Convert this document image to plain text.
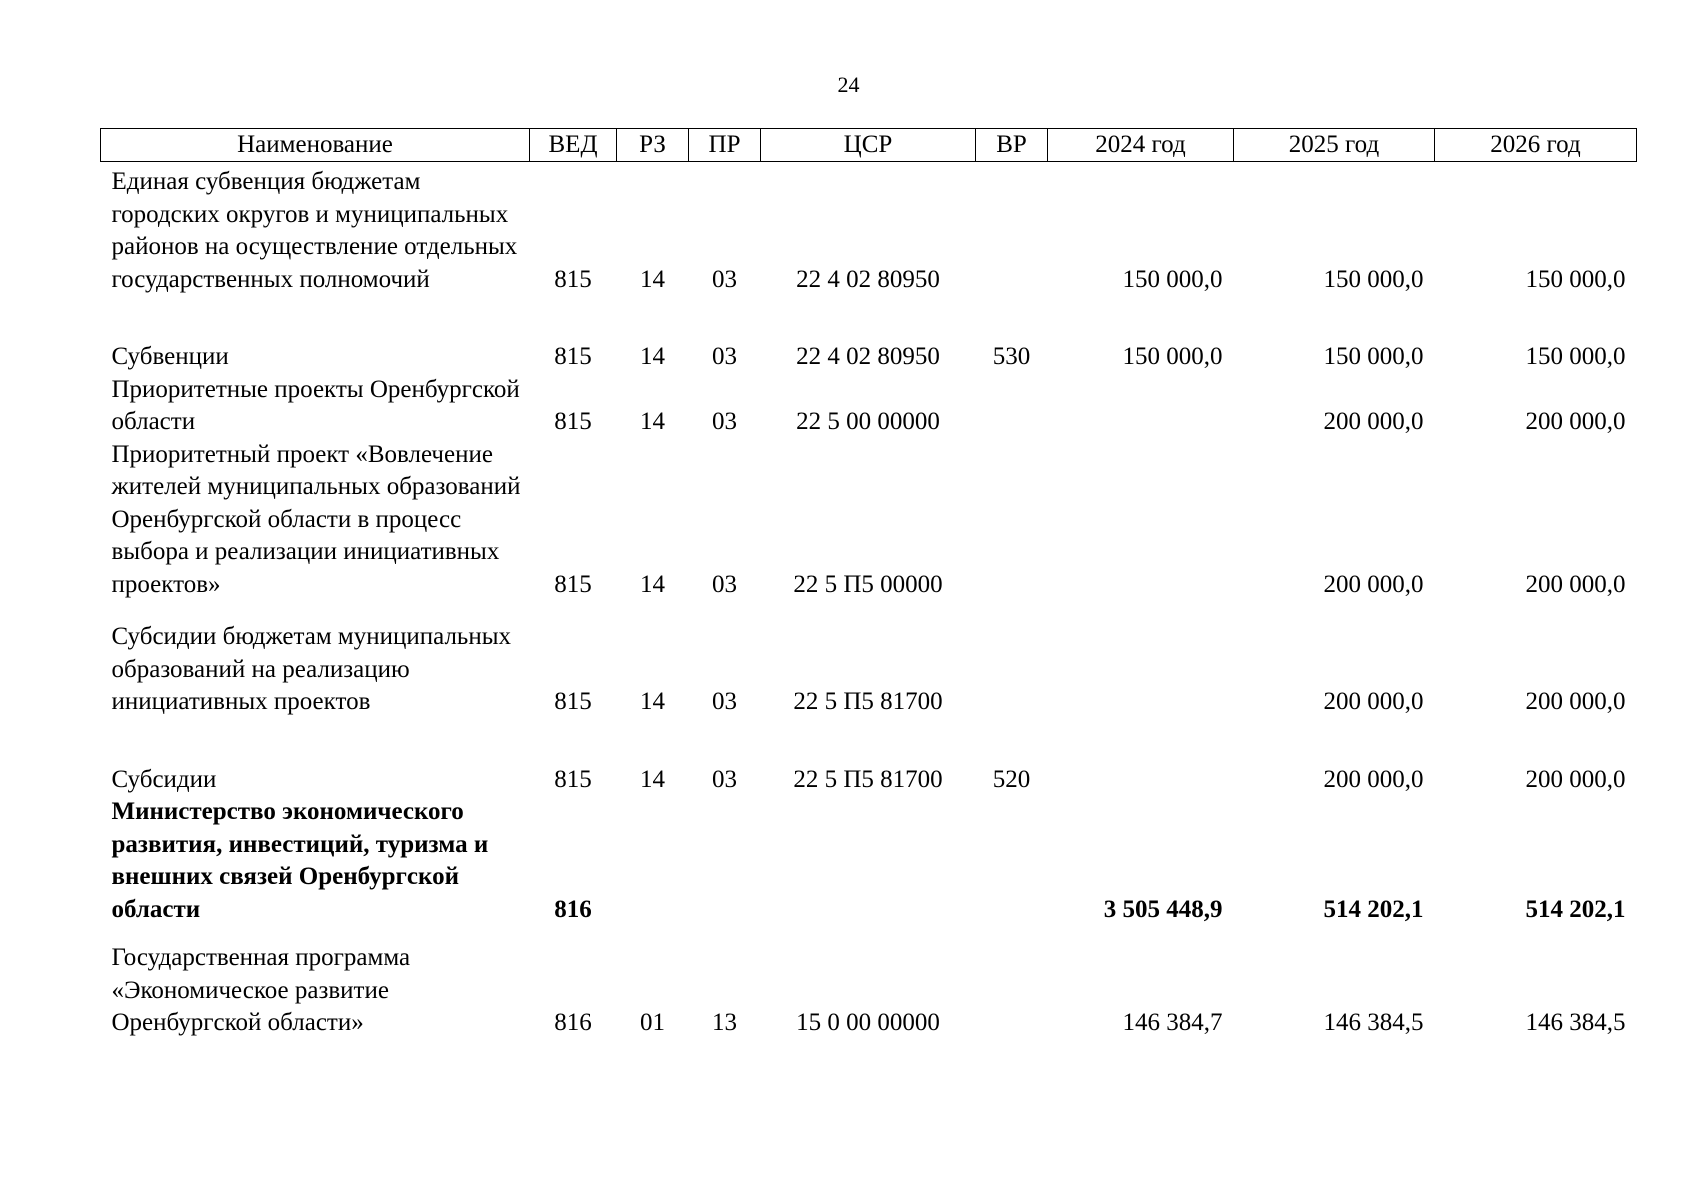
24
Наименование	ВЕД	РЗ	ПР	ЦСР	ВР	2024 год	2025 год	2026 год
Единая субвенция бюджетам городских округов и муниципальных районов на осуществление отдельных государственных полномочий	815	14	03	22 4 02 80950		150 000,0	150 000,0	150 000,0
Субвенции	815	14	03	22 4 02 80950	530	150 000,0	150 000,0	150 000,0
Приоритетные проекты Оренбургской области	815	14	03	22 5 00 00000			200 000,0	200 000,0
Приоритетный проект «Вовлечение жителей муниципальных образований Оренбургской области в процесс выбора и реализации инициативных проектов»	815	14	03	22 5 П5 00000			200 000,0	200 000,0
Субсидии бюджетам муниципальных образований на реализацию инициативных проектов	815	14	03	22 5 П5 81700			200 000,0	200 000,0
Субсидии	815	14	03	22 5 П5 81700	520		200 000,0	200 000,0
Министерство экономического развития, инвестиций, туризма и внешних связей Оренбургской области	816					3 505 448,9	514 202,1	514 202,1
Государственная программа «Экономическое развитие Оренбургской области»	816	01	13	15 0 00 00000		146 384,7	146 384,5	146 384,5
